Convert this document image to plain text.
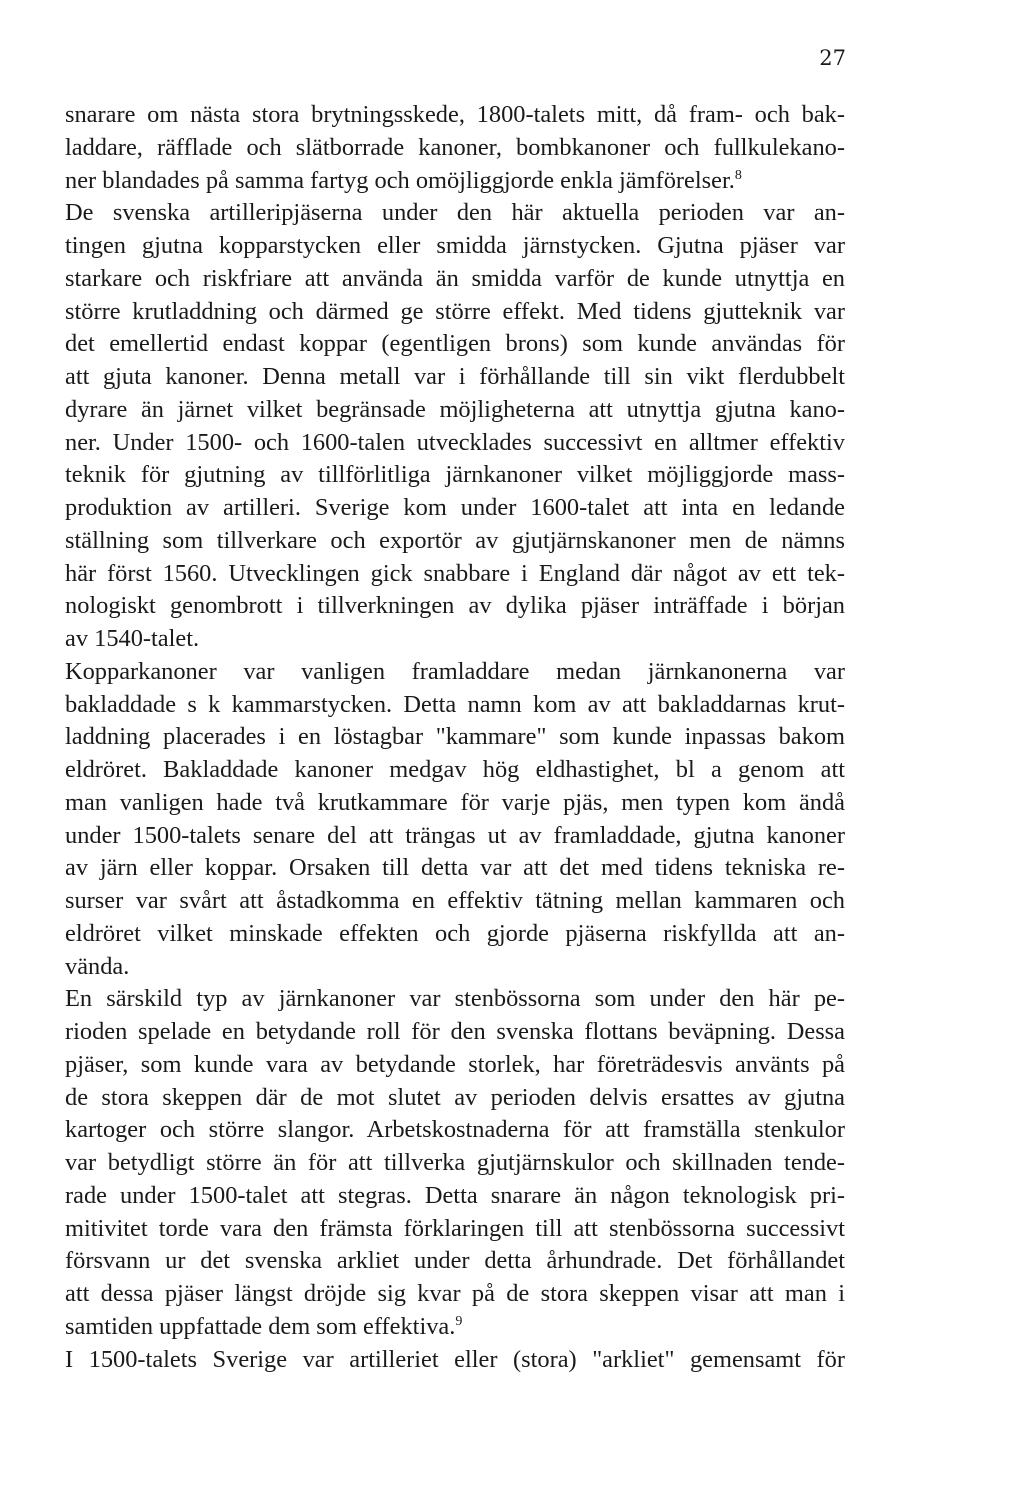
27
snarare om nästa stora brytningsskede, 1800-talets mitt, då fram- och bak-
laddare, räfflade och slätborrade kanoner, bombkanoner och fullkulekano-
ner blandades på samma fartyg och omöjliggjorde enkla jämförelser.$^8$
De svenska artilleripjäserna under den här aktuella perioden var an-
tingen gjutna kopparstycken eller smidda järnstycken. Gjutna pjäser var
starkare och riskfriare att använda än smidda varför de kunde utnyttja en
större krutladdning och därmed ge större effekt. Med tidens gjutteknik var
det emellertid endast koppar (egentligen brons) som kunde användas för
att gjuta kanoner. Denna metall var i förhållande till sin vikt flerdubbelt
dyrare än järnet vilket begränsade möjligheterna att utnyttja gjutna kano-
ner. Under 1500- och 1600-talen utvecklades successivt en alltmer effektiv
teknik för gjutning av tillförlitliga järnkanoner vilket möjliggjorde mass-
produktion av artilleri. Sverige kom under 1600-talet att inta en ledande
ställning som tillverkare och exportör av gjutjärnskanoner men de nämns
här först 1560. Utvecklingen gick snabbare i England där något av ett tek-
nologiskt genombrott i tillverkningen av dylika pjäser inträffade i början
av 1540-talet.
Kopparkanoner var vanligen framladdare medan järnkanonerna var
bakladdade s k kammarstycken. Detta namn kom av att bakladdarnas krut-
laddning placerades i en löstagbar "kammare" som kunde inpassas bakom
eldröret. Bakladdade kanoner medgav hög eldhastighet, bl a genom att
man vanligen hade två krutkammare för varje pjäs, men typen kom ändå
under 1500-talets senare del att trängas ut av framladdade, gjutna kanoner
av järn eller koppar. Orsaken till detta var att det med tidens tekniska re-
surser var svårt att åstadkomma en effektiv tätning mellan kammaren och
eldröret vilket minskade effekten och gjorde pjäserna riskfyllda att an-
vända.
En särskild typ av järnkanoner var stenbössorna som under den här pe-
rioden spelade en betydande roll för den svenska flottans beväpning. Dessa
pjäser, som kunde vara av betydande storlek, har företrädesvis använts på
de stora skeppen där de mot slutet av perioden delvis ersattes av gjutna
kartoger och större slangor. Arbetskostnaderna för att framställa stenkulor
var betydligt större än för att tillverka gjutjärnskulor och skillnaden tende-
rade under 1500-talet att stegras. Detta snarare än någon teknologisk pri-
mitivitet torde vara den främsta förklaringen till att stenbössorna successivt
försvann ur det svenska arkliet under detta århundrade. Det förhållandet
att dessa pjäser längst dröjde sig kvar på de stora skeppen visar att man i
samtiden uppfattade dem som effektiva.$^9$
I 1500-talets Sverige var artilleriet eller (stora) "arkliet" gemensamt för
